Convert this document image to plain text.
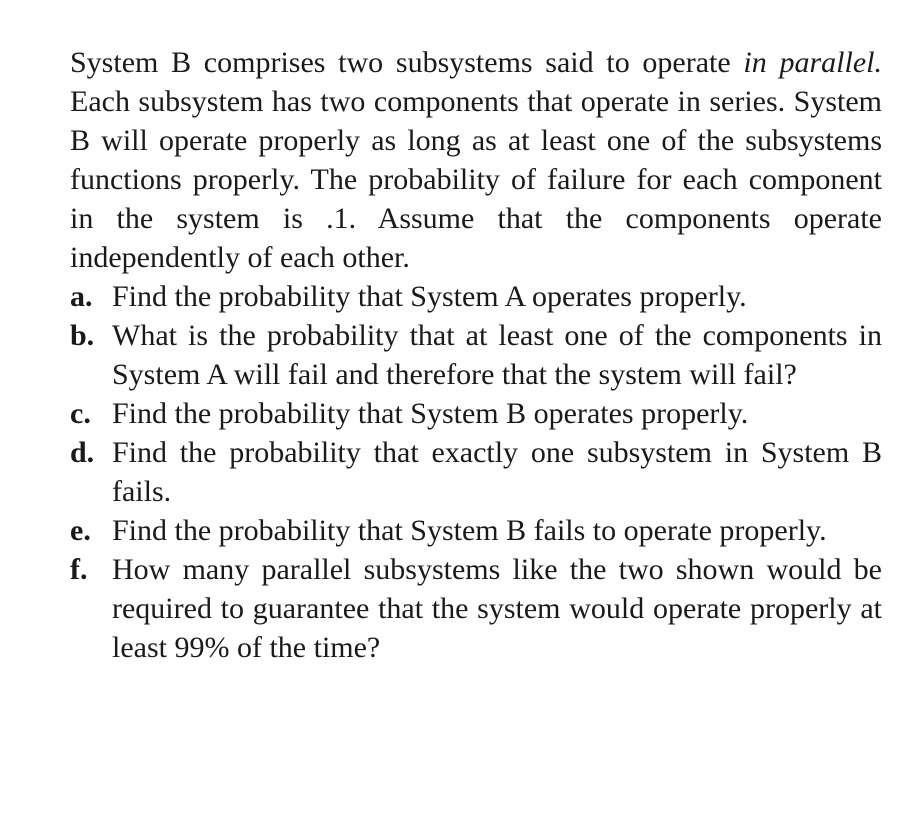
System B comprises two subsystems said to operate in parallel. Each subsystem has two components that operate in series. System B will operate properly as long as at least one of the subsystems functions properly. The probability of failure for each component in the system is .1. Assume that the components operate independently of each other.

a. Find the probability that System A operates properly.
b. What is the probability that at least one of the components in System A will fail and therefore that the system will fail?
c. Find the probability that System B operates properly.
d. Find the probability that exactly one subsystem in System B fails.
e. Find the probability that System B fails to operate properly.
f. How many parallel subsystems like the two shown would be required to guarantee that the system would operate properly at least 99% of the time?
